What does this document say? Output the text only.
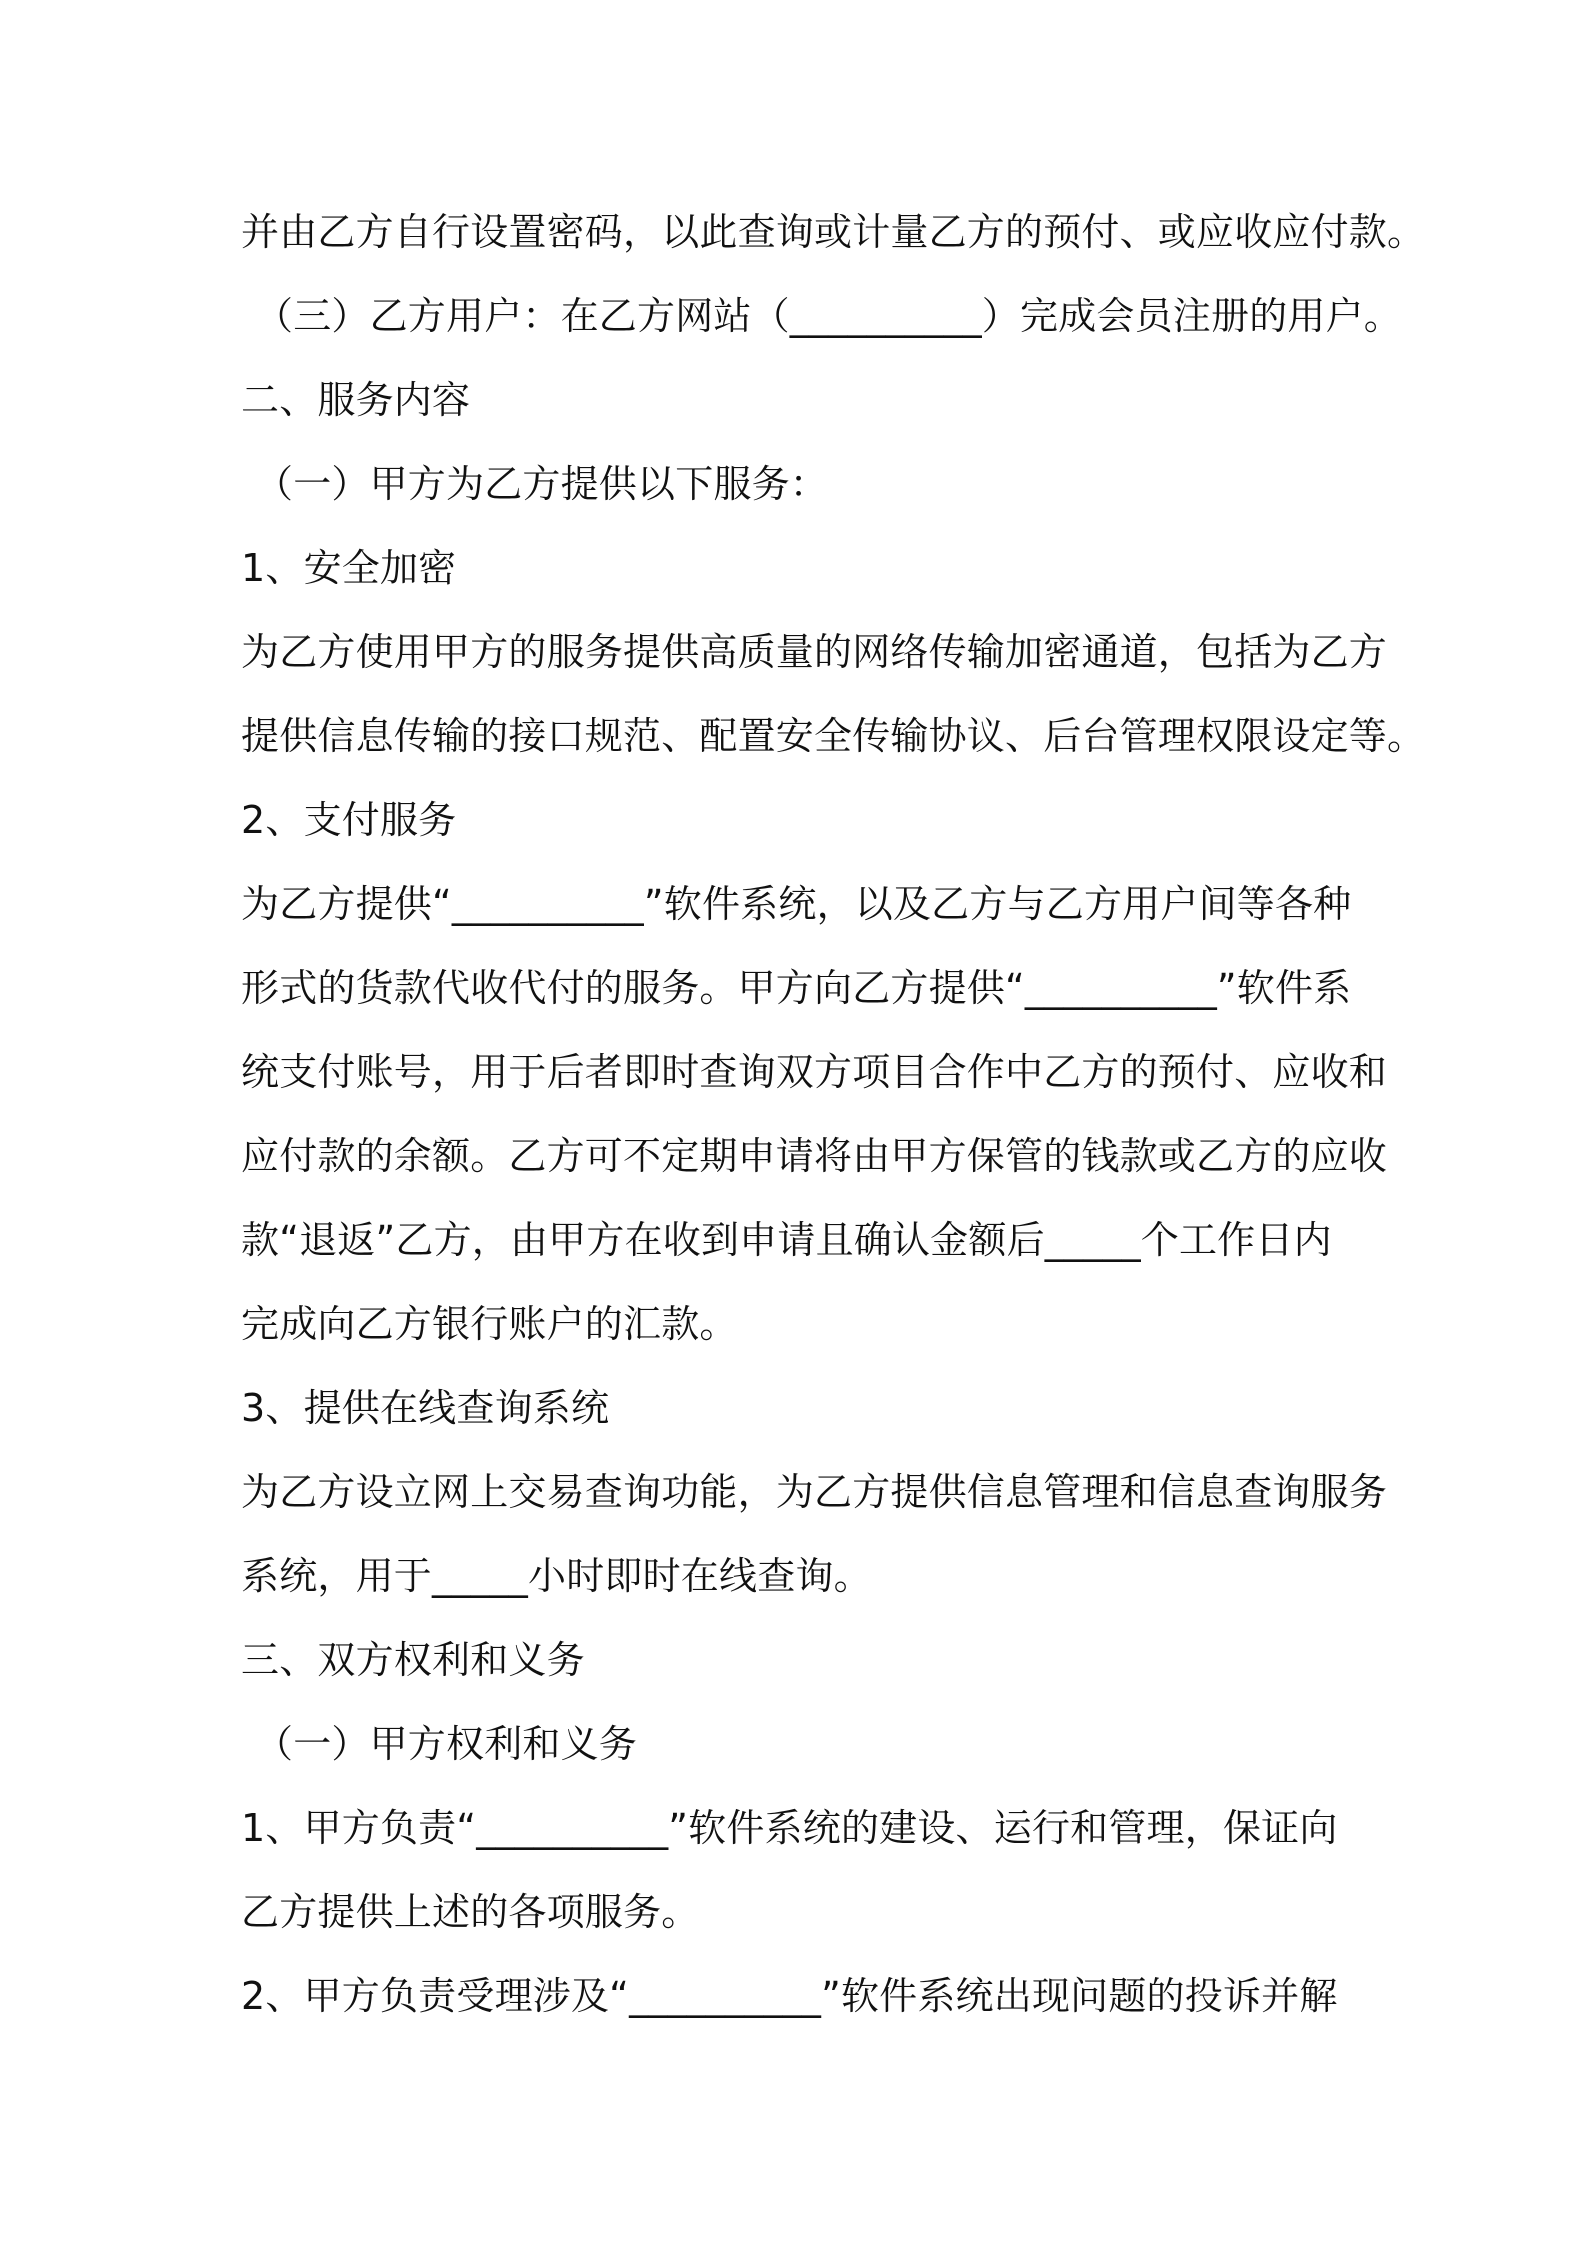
并由乙方自行设置密码，以此查询或计量乙方的预付、或应收应付款。
（三）乙方用户：在乙方网站（__________）完成会员注册的用户。
二、服务内容
（一）甲方为乙方提供以下服务：
1、安全加密
为乙方使用甲方的服务提供高质量的网络传输加密通道，包括为乙方
提供信息传输的接口规范、配置安全传输协议、后台管理权限设定等。
2、支付服务
为乙方提供“__________”软件系统，以及乙方与乙方用户间等各种
形式的货款代收代付的服务。甲方向乙方提供“__________”软件系
统支付账号，用于后者即时查询双方项目合作中乙方的预付、应收和
应付款的余额。乙方可不定期申请将由甲方保管的钱款或乙方的应收
款“退返”乙方，由甲方在收到申请且确认金额后_____个工作日内
完成向乙方银行账户的汇款。
3、提供在线查询系统
为乙方设立网上交易查询功能，为乙方提供信息管理和信息查询服务
系统，用于_____小时即时在线查询。
三、双方权利和义务
（一）甲方权利和义务
1、甲方负责“__________”软件系统的建设、运行和管理，保证向
乙方提供上述的各项服务。
2、甲方负责受理涉及“__________”软件系统出现问题的投诉并解
